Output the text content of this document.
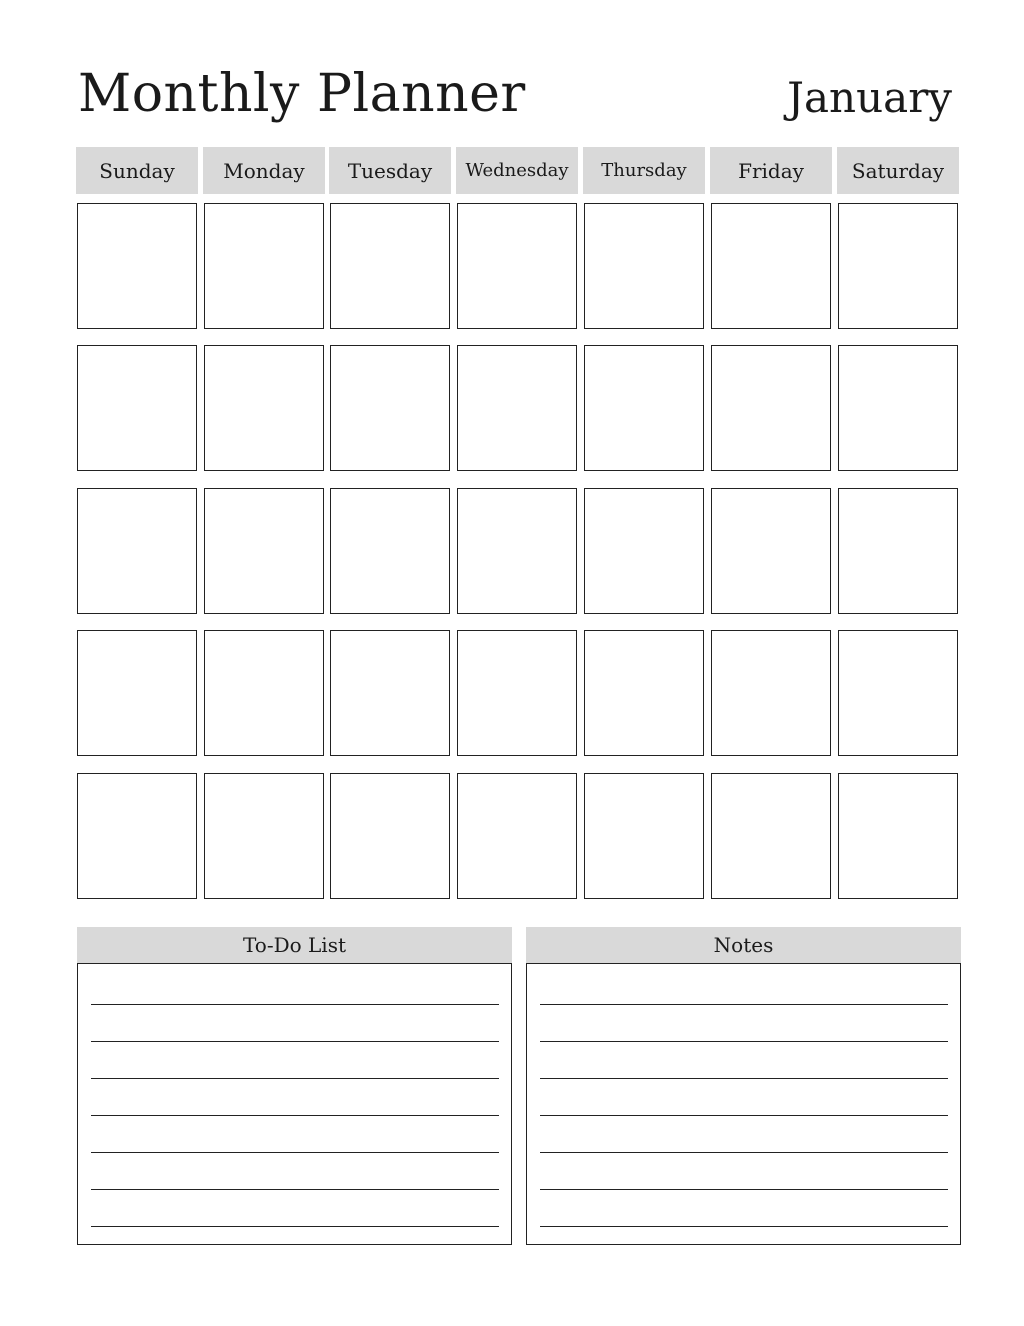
Monthly Planner	January
Sunday Monday Tuesday Wednesday Thursday	Friday Saturday
To-Do List	Notes
